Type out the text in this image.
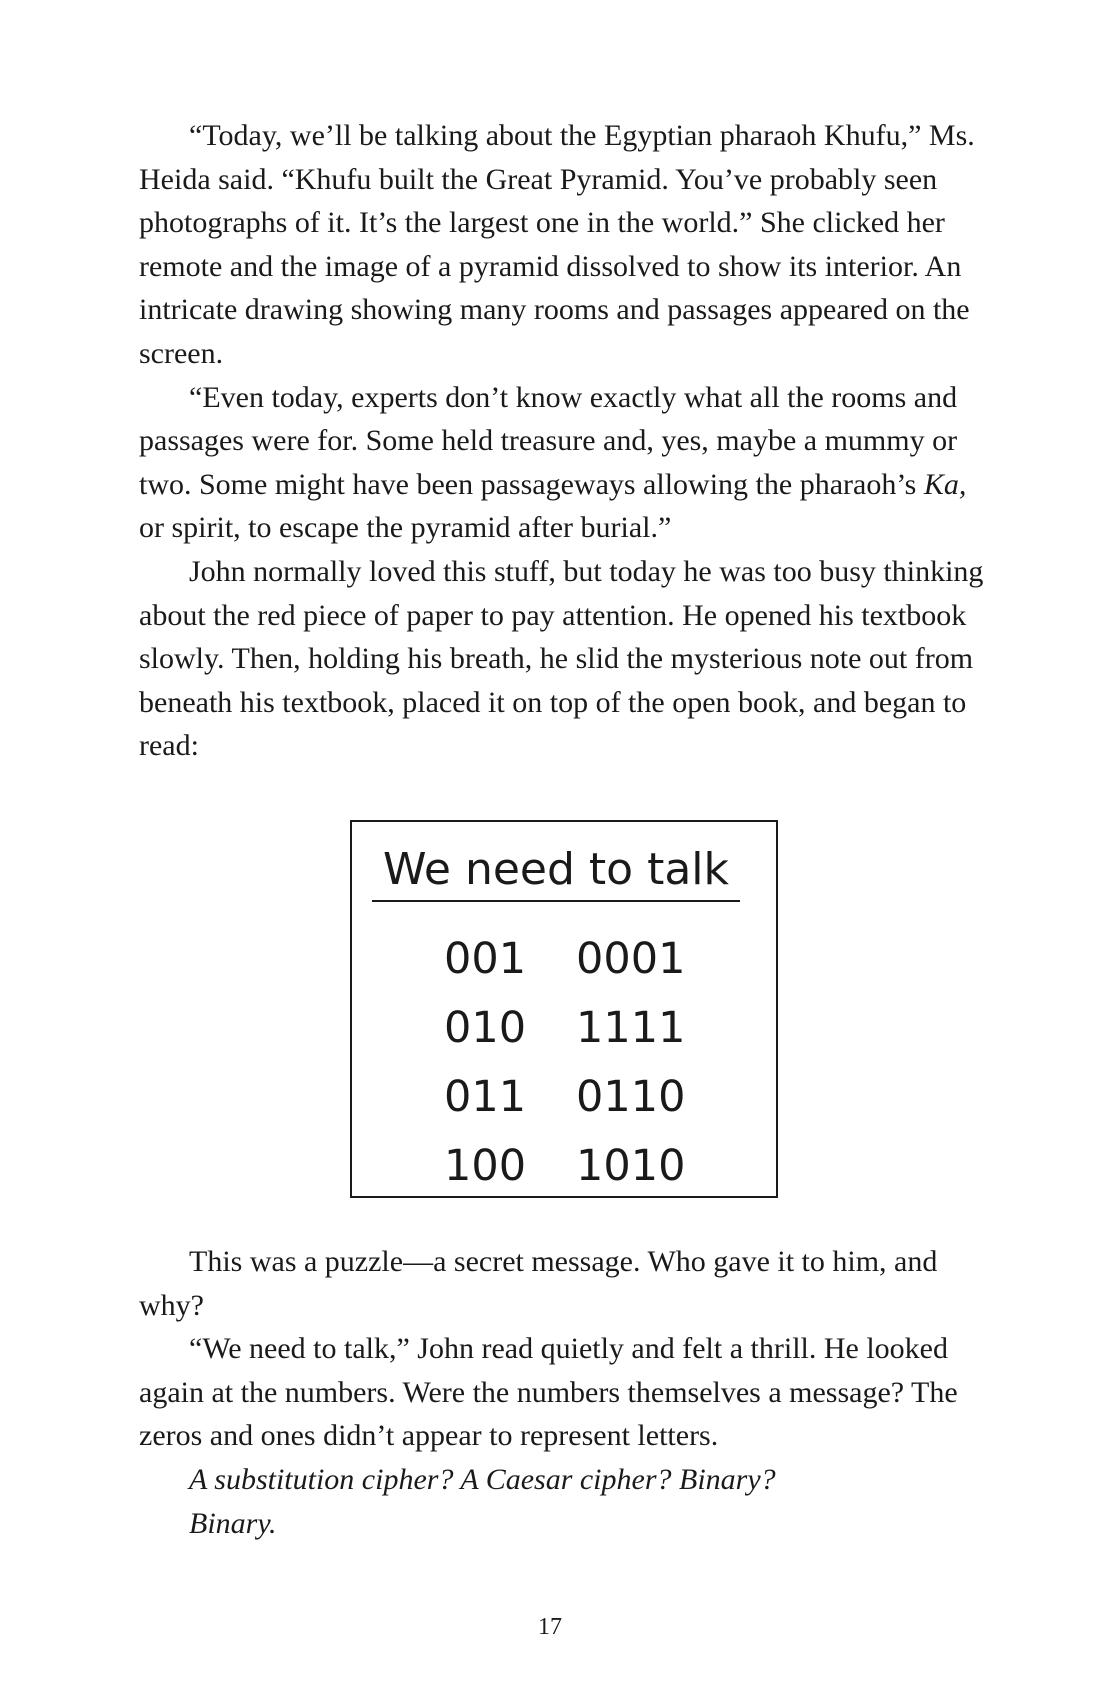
“Today, we’ll be talking about the Egyptian pharaoh Khufu,” Ms. Heida said. “Khufu built the Great Pyramid. You’ve probably seen photographs of it. It’s the largest one in the world.” She clicked her remote and the image of a pyramid dissolved to show its interior. An intricate drawing showing many rooms and passages appeared on the screen.

“Even today, experts don’t know exactly what all the rooms and passages were for. Some held treasure and, yes, maybe a mummy or two. Some might have been passageways allowing the pharaoh’s Ka, or spirit, to escape the pyramid after burial.”

John normally loved this stuff, but today he was too busy thinking about the red piece of paper to pay attention. He opened his textbook slowly. Then, holding his breath, he slid the mysterious note out from beneath his textbook, placed it on top of the open book, and began to read:

We need to talk
001	0001
010	1111
011	0110
100	1010

This was a puzzle—a secret message. Who gave it to him, and why?

“We need to talk,” John read quietly and felt a thrill. He looked again at the numbers. Were the numbers themselves a message? The zeros and ones didn’t appear to represent letters.

A substitution cipher? A Caesar cipher? Binary?

Binary.

17
